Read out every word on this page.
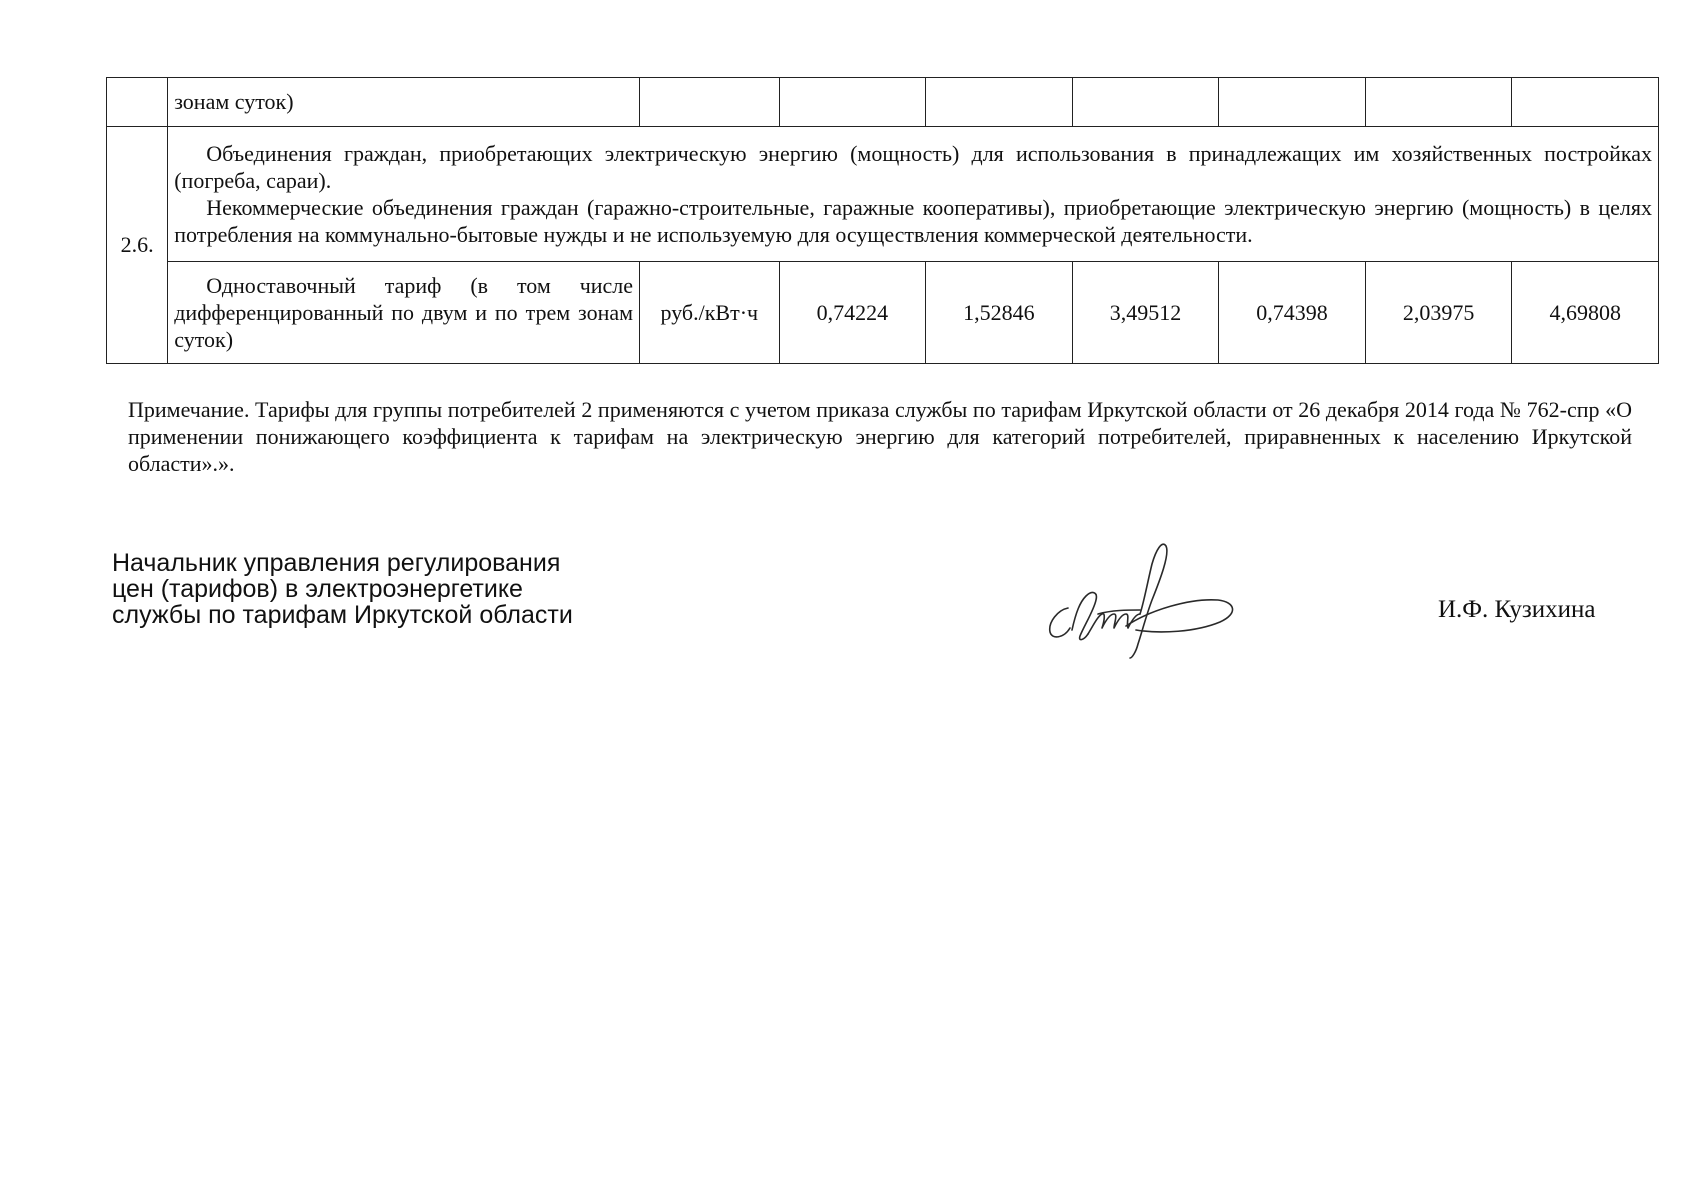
	зонам суток)							
2.6.	Объединения граждан, приобретающих электрическую энергию (мощность) для использования в принадлежащих им хозяйственных постройках (погреба, сараи).

Некоммерческие объединения граждан (гаражно-строительные, гаражные кооперативы), приобретающие электрическую энергию (мощность) в целях потребления на коммунально-бытовые нужды и не используемую для осуществления коммерческой деятельности.							

	Одноставочный тариф (в том числе дифференцированный по двум и по трем зонам суток)	руб./кВт·ч	0,74224	1,52846	3,49512	0,74398	2,03975	4,69808

Примечание. Тарифы для группы потребителей 2 применяются с учетом приказа службы по тарифам Иркутской области от 26 декабря 2014 года № 762-спр «О применении понижающего коэффициента к тарифам на электрическую энергию для категорий потребителей, приравненных к населению Иркутской области».».

Начальник управления регулирования
цен (тарифов) в электроэнергетике
службы по тарифам Иркутской области	И.Ф. Кузихина
